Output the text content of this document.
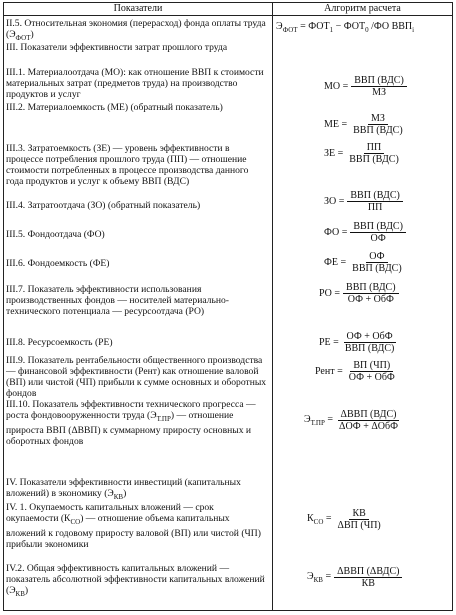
Показатели	Алгоритм расчета
II.5. Относительная экономия (перерасход) фонда оплаты труда $(Э_{ФОТ})$
III. Показатели эффективности затрат прошлого труда
III.1. Материалоотдача (МО): как отношение ВВП к стоимости материальных затрат (предметов труда) на производство продуктов и услуг
III.2. Материалоемкость (МЕ) (обратный показатель)
III.3. Затратоемкость (ЗЕ) — уровень эффективности в процессе потребления прошлого труда (ПП) — отношение стоимости потребленных в процессе производства данного года продуктов и услуг к объему ВВП (ВДС)
III.4. Затратоотдача (ЗО) (обратный показатель)
III.5. Фондоотдача (ФО)
III.6. Фондоемкость (ФЕ)
III.7. Показатель эффективности использования производственных фондов — носителей материально-технического потенциала — ресурсоотдача (РО)
III.8. Ресурсоемкость (РЕ)
III.9. Показатель рентабельности общественного производства — финансовой эффективности (Рент) как отношение валовой (ВП) или чистой (ЧП) прибыли к сумме основных и оборотных фондов
III.10. Показатель эффективности технического прогресса — роста фондовооруженности труда $(Э_{Т.ПР})$ — отношение прироста ВВП (ΔВВП) к суммарному приросту основных и оборотных фондов
IV. Показатели эффективности инвестиций (капитальных вложений) в экономику $(Э_{КВ})$
IV. 1. Окупаемость капитальных вложений — срок окупаемости $(К_{СО})$ — отношение объема капитальных вложений к годовому приросту валовой (ВП) или чистой (ЧП) прибыли экономики
IV.2. Общая эффективность капитальных вложений — показатель абсолютной эффективности капитальных вложений $(Э_{КВ})$
$Э_{ФОТ} = ФОТ_1 - ФОТ_0$ /ФО $ВВП_i$
МО = $\frac{\text{ВВП (ВДС)}}{МЗ}$
МЕ = $\frac{МЗ}{\text{ВВП (ВДС)}}$
ЗЕ = $\frac{ПП}{\text{ВВП (ВДС)}}$
ЗО = $\frac{\text{ВВП (ВДС)}}{ПП}$
ФО = $\frac{\text{ВВП (ВДС)}}{ОФ}$
ФЕ = $\frac{ОФ}{\text{ВВП (ВДС)}}$
РО = $\frac{\text{ВВП (ВДС)}}{\text{ОФ + ОбФ}}$
РЕ = $\frac{\text{ОФ + ОбФ}}{\text{ВВП (ВДС)}}$
Рент = $\frac{ВП (ЧП)}{\text{ОФ + ОбФ}}$
$Э_{Т.ПР} = \frac{\text{ΔВВП (ВДС)}}{\text{ΔОФ + ΔОбФ}}$
$К_{СО} = \frac{КВ}{\text{ΔВП (ЧП)}}$
$Э_{КВ} = \frac{\text{ΔВВП (ΔВДС)}}{КВ}$
